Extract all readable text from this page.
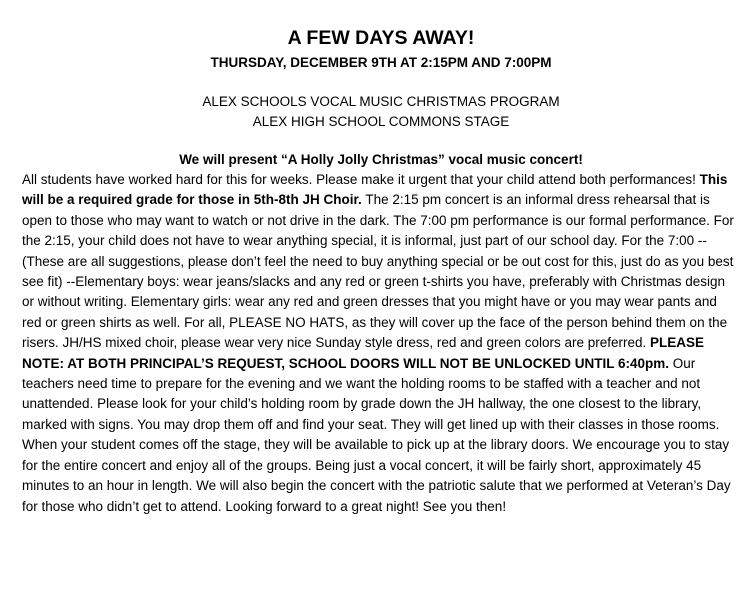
A FEW DAYS AWAY!
THURSDAY, DECEMBER 9TH AT 2:15PM AND 7:00PM
ALEX SCHOOLS VOCAL MUSIC CHRISTMAS PROGRAM
ALEX HIGH SCHOOL COMMONS STAGE
We will present “A Holly Jolly Christmas” vocal music concert!

All students have worked hard for this for weeks. Please make it urgent that your child attend both performances! This will be a required grade for those in 5th-8th JH Choir. The 2:15 pm concert is an informal dress rehearsal that is open to those who may want to watch or not drive in the dark. The 7:00 pm performance is our formal performance. For the 2:15, your child does not have to wear anything special, it is informal, just part of our school day. For the 7:00 -- (These are all suggestions, please don’t feel the need to buy anything special or be out cost for this, just do as you best see fit) --Elementary boys: wear jeans/slacks and any red or green t-shirts you have, preferably with Christmas design or without writing. Elementary girls: wear any red and green dresses that you might have or you may wear pants and red or green shirts as well. For all, PLEASE NO HATS, as they will cover up the face of the person behind them on the risers. JH/HS mixed choir, please wear very nice Sunday style dress, red and green colors are preferred. PLEASE NOTE: AT BOTH PRINCIPAL’S REQUEST, SCHOOL DOORS WILL NOT BE UNLOCKED UNTIL 6:40pm. Our teachers need time to prepare for the evening and we want the holding rooms to be staffed with a teacher and not unattended. Please look for your child’s holding room by grade down the JH hallway, the one closest to the library, marked with signs. You may drop them off and find your seat. They will get lined up with their classes in those rooms. When your student comes off the stage, they will be available to pick up at the library doors. We encourage you to stay for the entire concert and enjoy all of the groups. Being just a vocal concert, it will be fairly short, approximately 45 minutes to an hour in length. We will also begin the concert with the patriotic salute that we performed at Veteran’s Day for those who didn’t get to attend. Looking forward to a great night! See you then!
